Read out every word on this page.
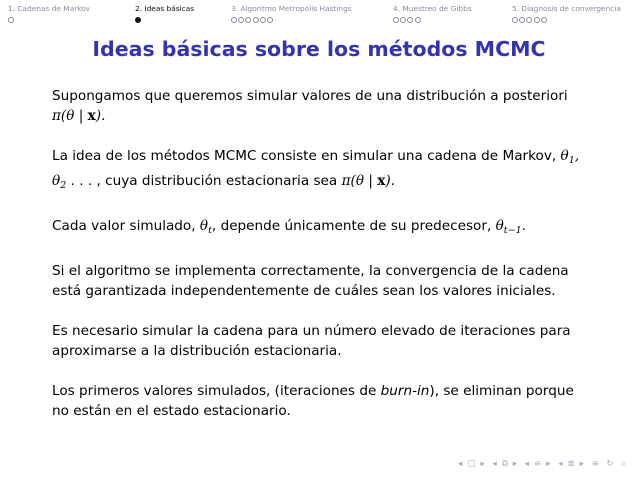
1. Cadenas de Markov	2. Ideas básicas	3. Algoritmo Metropolis Hastings	4. Muestreo de Gibbs	5. Diagnosis de convergencia
Ideas básicas sobre los métodos MCMC

Supongamos que queremos simular valores de una distribución a posteriori π(θ | x).

La idea de los métodos MCMC consiste en simular una cadena de Markov, $\theta_1$, $\theta_2$ . . . , cuya distribución estacionaria sea π(θ | x).

Cada valor simulado, $\theta_t$, depende únicamente de su predecesor, $\theta_{t-1}$.

Si el algoritmo se implementa correctamente, la convergencia de la cadena está garantizada independentemente de cuáles sean los valores iniciales.

Es necesario simular la cadena para un número elevado de iteraciones para aproximarse a la distribución estacionaria.

Los primeros valores simulados, (iteraciones de burn-in), se eliminan porque no están en el estado estacionario.

◂ □ ▸ ◂ ⧉ ▸ ◂ ≡ ▸ ◂ ≣ ▸ ≡ ↻ ⌕
